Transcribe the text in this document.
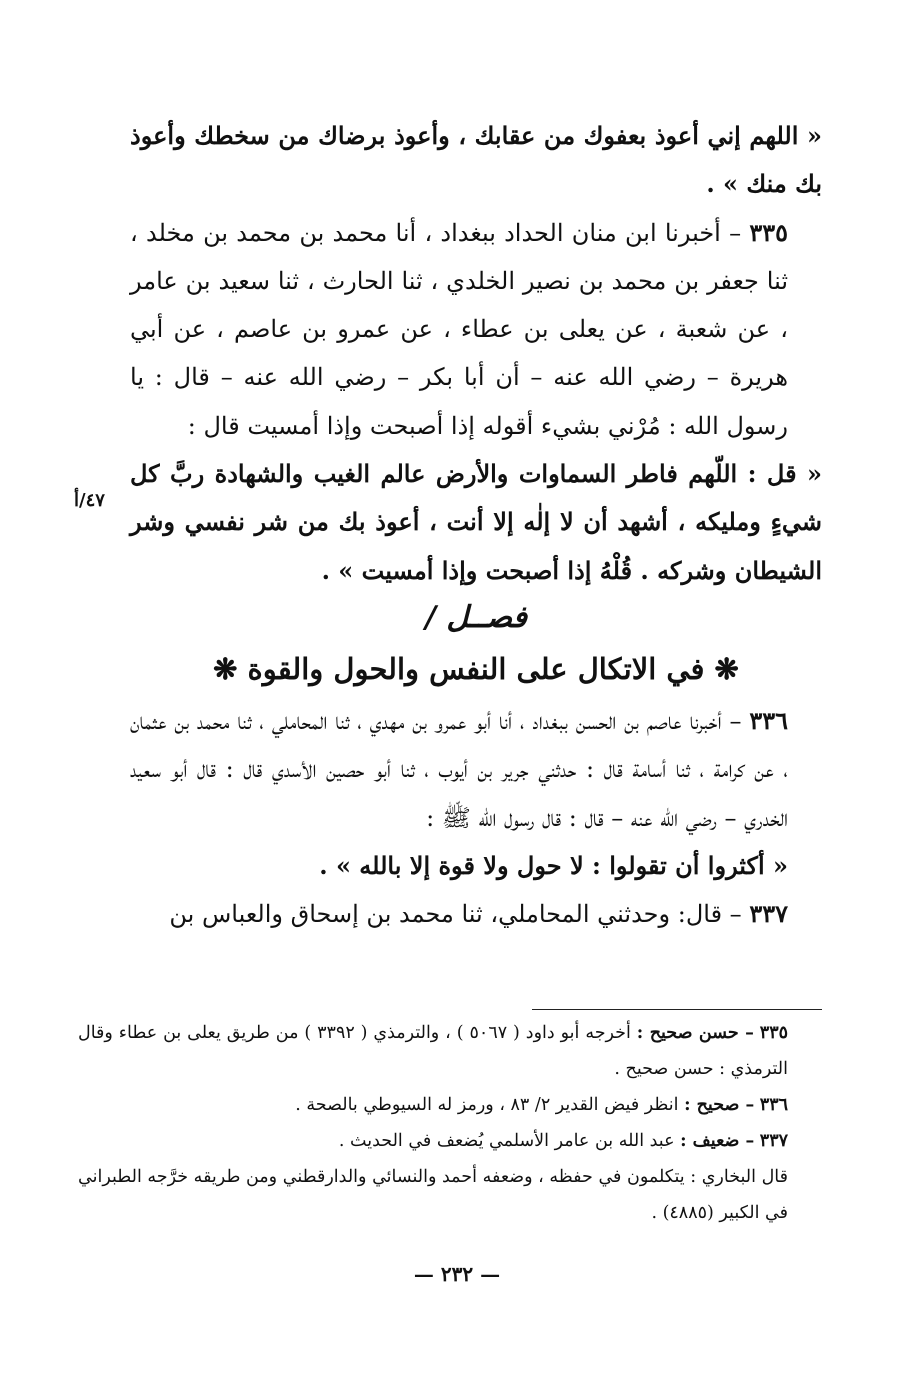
« اللهم إني أعوذ بعفوك من عقابك ، وأعوذ برضاك من سخطك وأعوذ بك منك » .

٣٣٥ – أخبرنا ابن منان الحداد ببغداد ، أنا محمد بن محمد بن مخلد ، ثنا جعفر بن محمد بن نصير الخلدي ، ثنا الحارث ، ثنا سعيد بن عامر ، عن شعبة ، عن يعلى بن عطاء ، عن عمرو بن عاصم ، عن أبي هريرة – رضي الله عنه – أن أبا بكر – رضي الله عنه – قال : يا رسول الله : مُرْني بشيء أقوله إذا أصبحت وإذا أمسيت قال :

« قل : اللّهم فاطر السماوات والأرض عالم الغيب والشهادة ربَّ كل شيءٍ ومليكه ، أشهد أن لا إلٰه إلا أنت ، أعوذ بك من شر نفسي وشر الشيطان وشركه . قُلْهُ إذا أصبحت وإذا أمسيت » .

فصــل /

❋ في الاتكال على النفس والحول والقوة ❋

٣٣٦ – أخبرنا عاصم بن الحسن ببغداد ، أنا أبو عمرو بن مهدي ، ثنا المحاملي ، ثنا محمد بن عثمان ، عن كرامة ، ثنا أسامة قال : حدثني جرير بن أيوب ، ثنا أبو حصين الأسدي قال : قال أبو سعيد الخدري – رضي الله عنه – قال : قال رسول الله ﷺ :

« أكثروا أن تقولوا : لا حول ولا قوة إلا بالله » .

٣٣٧ – قال: وحدثني المحاملي، ثنا محمد بن إسحاق والعباس بن

٤٧/أ

٣٣٥ – حسن صحيح : أخرجه أبو داود ( ٥٠٦٧ ) ، والترمذي ( ٣٣٩٢ ) من طريق يعلى بن عطاء وقال الترمذي : حسن صحيح .

٣٣٦ – صحيح : انظر فيض القدير ٢/ ٨٣ ، ورمز له السيوطي بالصحة .

٣٣٧ – ضعيف : عبد الله بن عامر الأسلمي يُضعف في الحديث .

قال البخاري : يتكلمون في حفظه ، وضعفه أحمد والنسائي والدارقطني ومن طريقه خرَّجه الطبراني في الكبير (٤٨٨٥) .

— ٢٣٢ —
